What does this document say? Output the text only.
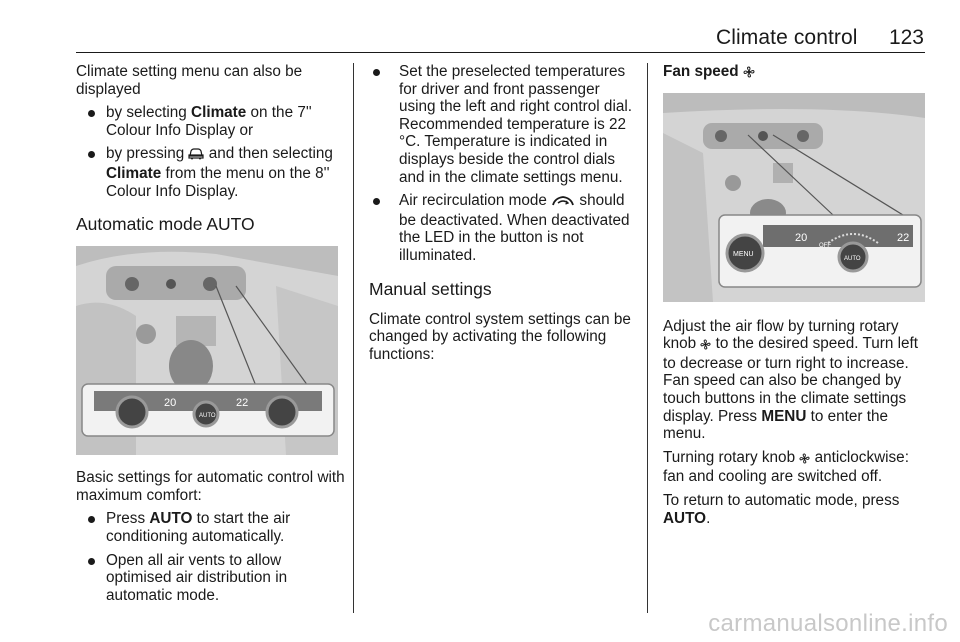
Climate control 123

Climate setting menu can also be displayed

by selecting Climate on the 7'' Colour Info Display or
by pressing  and then selecting Climate from the menu on the 8'' Colour Info Display.
Automatic mode AUTO
20	22
AUTO

Basic settings for automatic control with maximum comfort:

Press AUTO to start the air conditioning automatically.
Open all air vents to allow optimised air distribution in automatic mode.
Set the preselected temperatures for driver and front passenger using the left and right control dial. Recommended temperature is 22 °C. Temperature is indicated in displays beside the control dials and in the climate settings menu.
Air recirculation mode  should be deactivated. When deactivated the LED in the button is not illuminated.
Manual settings

Climate control system settings can be changed by activating the following functions:

Fan speed

20	22
OFF
MENU
AUTO

Adjust the air flow by turning rotary knob  to the desired speed. Turn left to decrease or turn right to increase. Fan speed can also be changed by touch buttons in the climate settings display. Press MENU to enter the menu.

Turning rotary knob  anticlockwise: fan and cooling are switched off.

To return to automatic mode, press AUTO.

carmanualsonline.info
